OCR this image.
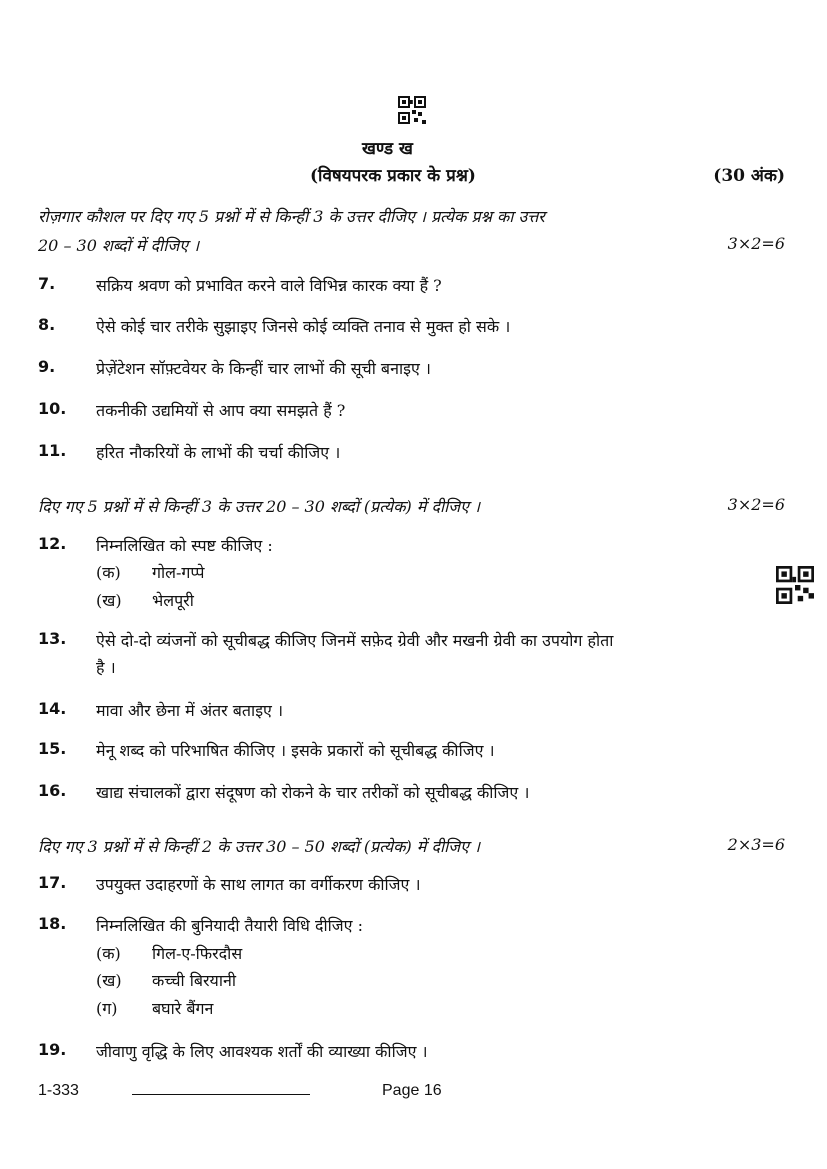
खण्ड ख
(विषयपरक प्रकार के प्रश्न)	(30 अंक)
रोज़गार कौशल पर दिए गए 5 प्रश्नों में से किन्हीं 3 के उत्तर दीजिए । प्रत्येक प्रश्न का उत्तर
20 – 30 शब्दों में दीजिए ।	3×2=6
7.	सक्रिय श्रवण को प्रभावित करने वाले विभिन्न कारक क्या हैं ?
8.	ऐसे कोई चार तरीके सुझाइए जिनसे कोई व्यक्ति तनाव से मुक्त हो सके ।
9.	प्रेज़ेंटेशन सॉफ़्टवेयर के किन्हीं चार लाभों की सूची बनाइए ।
10. तकनीकी उद्यमियों से आप क्या समझते हैं ?
11. हरित नौकरियों के लाभों की चर्चा कीजिए ।
दिए गए 5 प्रश्नों में से किन्हीं 3 के उत्तर 20 – 30 शब्दों (प्रत्येक) में दीजिए ।	3×2=6
12. निम्नलिखित को स्पष्ट कीजिए :
(क) गोल-गप्पे
(ख) भेलपूरी
13. ऐसे दो-दो व्यंजनों को सूचीबद्ध कीजिए जिनमें सफ़ेद ग्रेवी और मखनी ग्रेवी का उपयोग होता
है ।
14. मावा और छेना में अंतर बताइए ।
15. मेनू शब्द को परिभाषित कीजिए । इसके प्रकारों को सूचीबद्ध कीजिए ।
16. खाद्य संचालकों द्वारा संदूषण को रोकने के चार तरीकों को सूचीबद्ध कीजिए ।
दिए गए 3 प्रश्नों में से किन्हीं 2 के उत्तर 30 – 50 शब्दों (प्रत्येक) में दीजिए ।	2×3=6
17. उपयुक्त उदाहरणों के साथ लागत का वर्गीकरण कीजिए ।
18. निम्नलिखित की बुनियादी तैयारी विधि दीजिए :
(क) गिल-ए-फिरदौस
(ख) कच्ची बिरयानी
(ग) बघारे बैंगन
19. जीवाणु वृद्धि के लिए आवश्यक शर्तों की व्याख्या कीजिए ।
1-333	Page 16
